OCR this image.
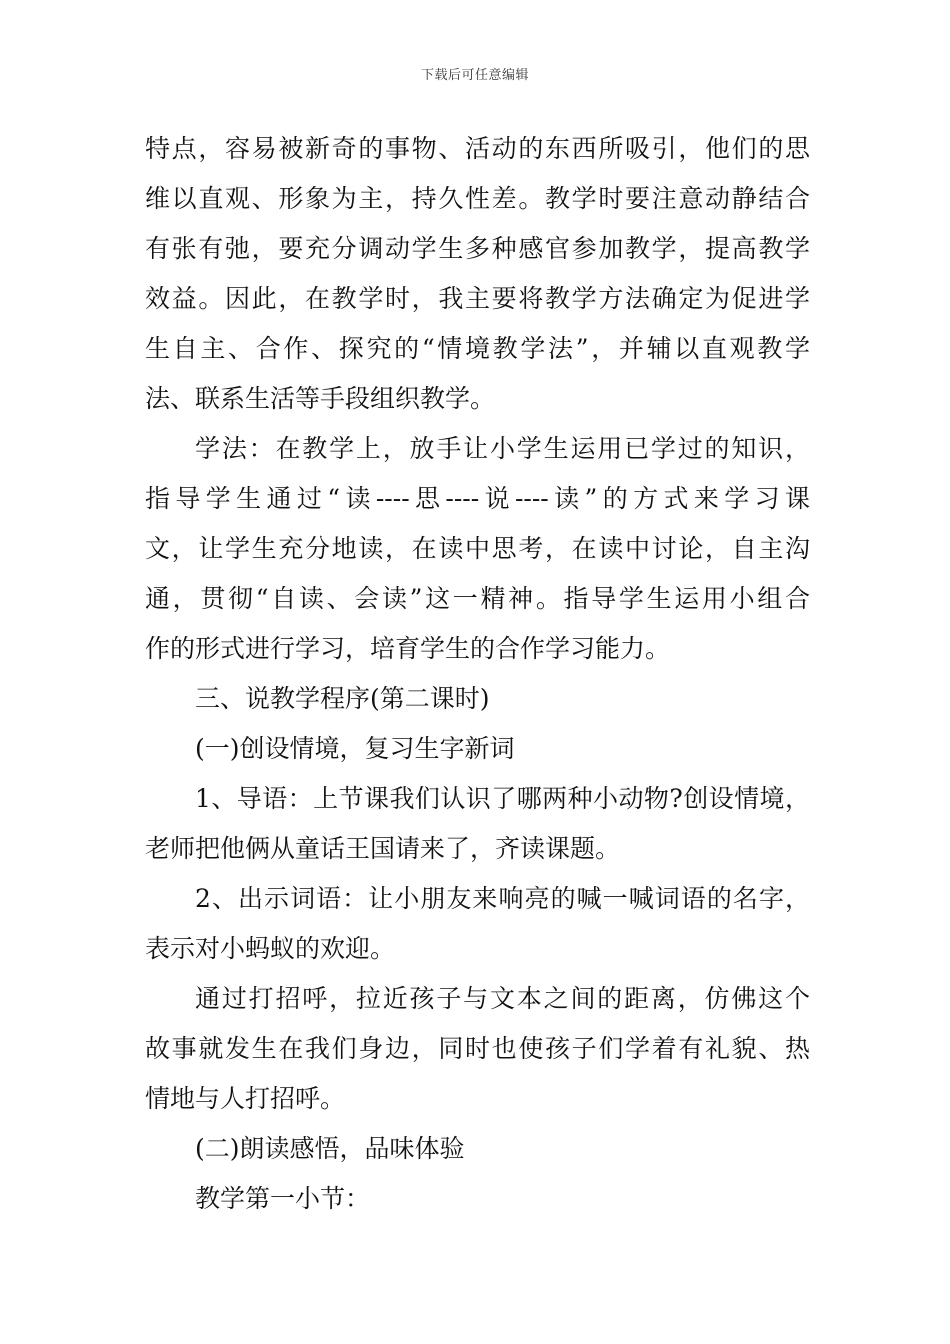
下载后可任意编辑
特点，容易被新奇的事物、活动的东西所吸引，他们的思
维以直观、形象为主，持久性差。教学时要注意动静结合
有张有弛，要充分调动学生多种感官参加教学，提高教学
效益。因此，在教学时，我主要将教学方法确定为促进学
生自主、合作、探究的“情境教学法”，并辅以直观教学
法、联系生活等手段组织教学。
学法：在教学上，放手让小学生运用已学过的知识，
指导学生通过“读----思----说----读”的方式来学习课
文，让学生充分地读，在读中思考，在读中讨论，自主沟
通，贯彻“自读、会读”这一精神。指导学生运用小组合
作的形式进行学习，培育学生的合作学习能力。
三、说教学程序(第二课时)
(一)创设情境，复习生字新词
1、导语：上节课我们认识了哪两种小动物?创设情境，
老师把他俩从童话王国请来了，齐读课题。
2、出示词语：让小朋友来响亮的喊一喊词语的名字，
表示对小蚂蚁的欢迎。
通过打招呼，拉近孩子与文本之间的距离，仿佛这个
故事就发生在我们身边，同时也使孩子们学着有礼貌、热
情地与人打招呼。
(二)朗读感悟，品味体验
教学第一小节：
